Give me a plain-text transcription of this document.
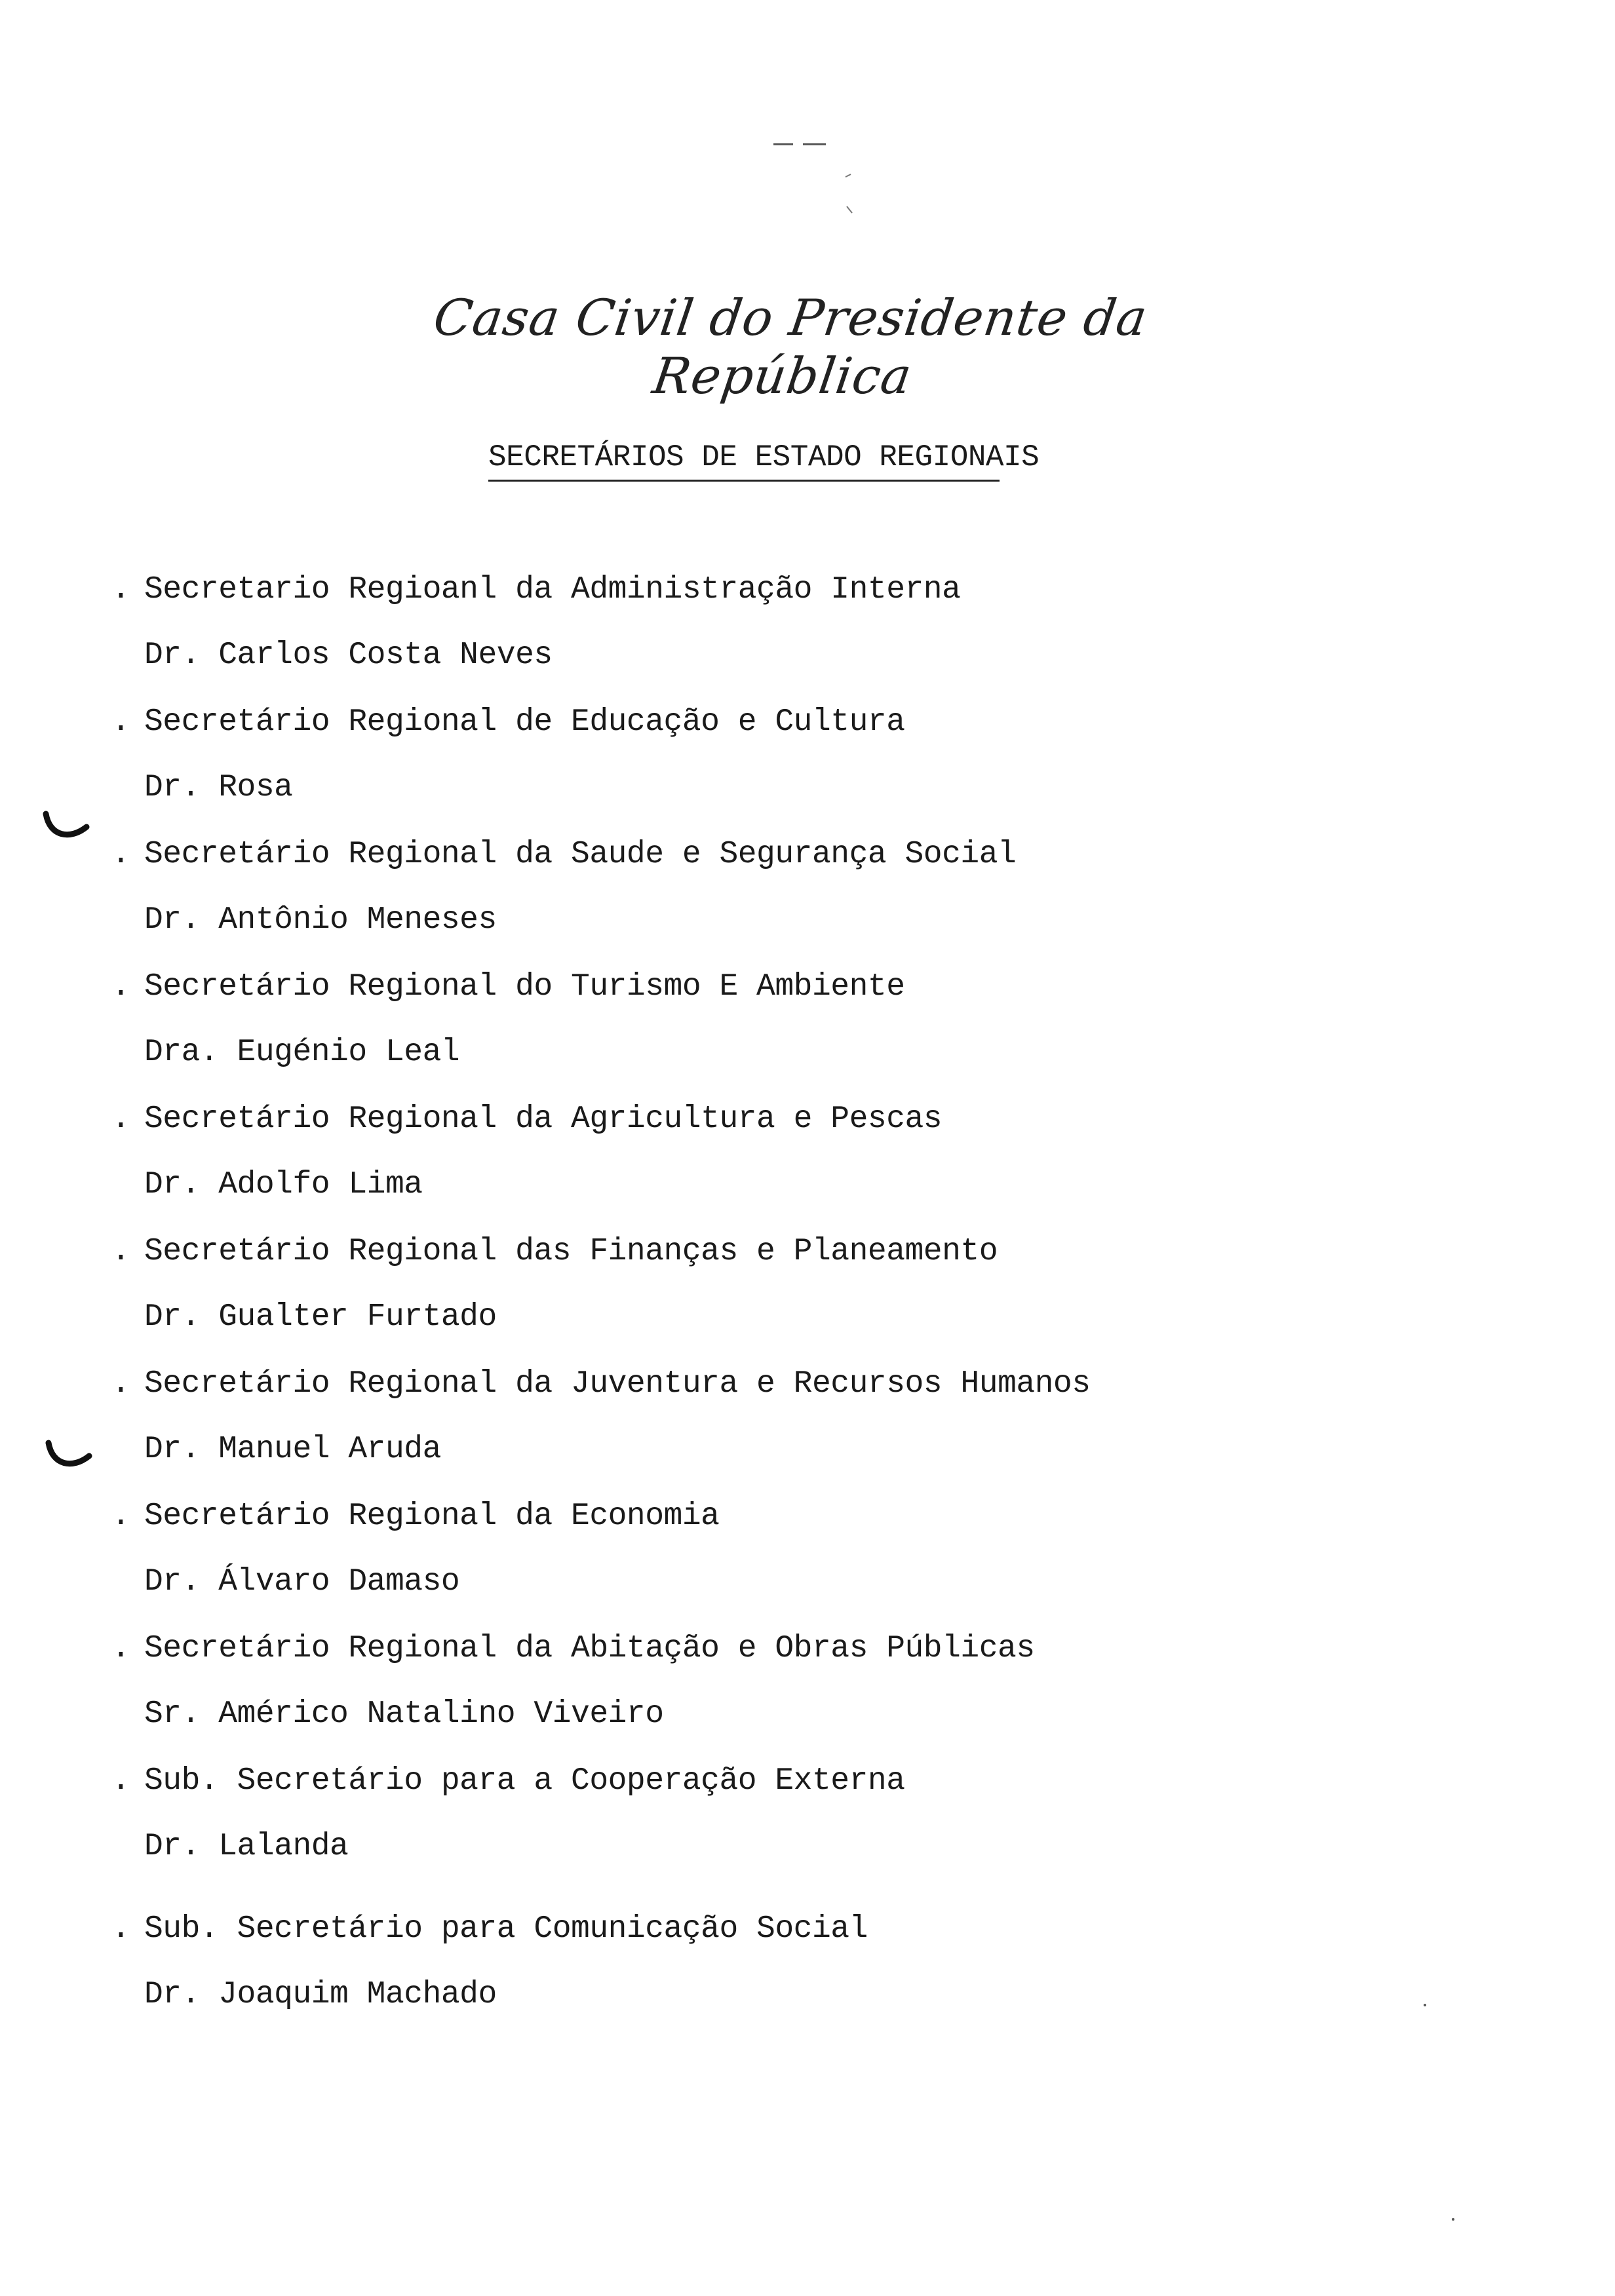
Casa Civil do Presidente da República
SECRETÁRIOS DE ESTADO REGIONAIS
. Secretario Regioanl da Administração Interna
Dr. Carlos Costa Neves
. Secretário Regional de Educação e Cultura
Dr. Rosa
. Secretário Regional da Saude e Segurança Social
Dr. Antônio Meneses
. Secretário Regional do Turismo E Ambiente
Dra. Eugénio Leal
. Secretário Regional da Agricultura e Pescas
Dr. Adolfo Lima
. Secretário Regional das Finanças e Planeamento
Dr. Gualter Furtado
. Secretário Regional da Juventura e Recursos Humanos
Dr. Manuel Aruda
. Secretário Regional da Economia
Dr. Álvaro Damaso
. Secretário Regional da Abitação e Obras Públicas
Sr. Américo Natalino Viveiro
. Sub. Secretário para a Cooperação Externa
Dr. Lalanda
. Sub. Secretário para Comunicação Social
Dr. Joaquim Machado
